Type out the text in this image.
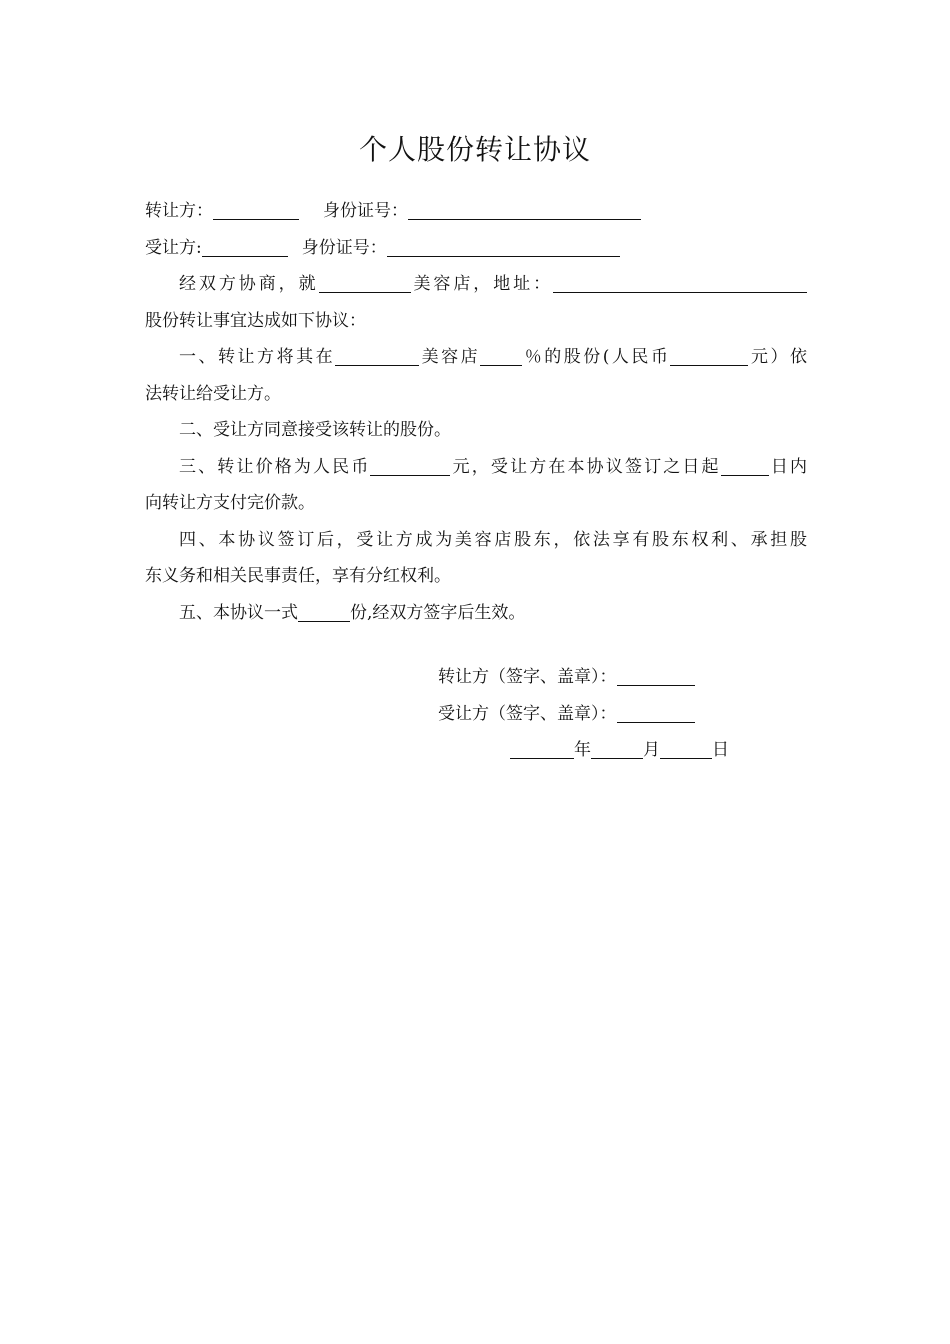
个人股份转让协议
转让方：	身份证号：
受让方:	身份证号：
经双方协商，就	美容店，地址：
股份转让事宜达成如下协议：
一、转让方将其在	美容店 ％的股份(人民币	元）依
法转让给受让方。
二、受让方同意接受该转让的股份。
三、转让价格为人民币	元，受让方在本协议签订之日起	日内
向转让方支付完价款。
四、本协议签订后，受让方成为美容店股东，依法享有股东权利、承担股
东义务和相关民事责任，享有分红权利。
五、本协议一式	份,经双方签字后生效。
转让方（签字、盖章）：
受让方（签字、盖章）：
年	月	日
